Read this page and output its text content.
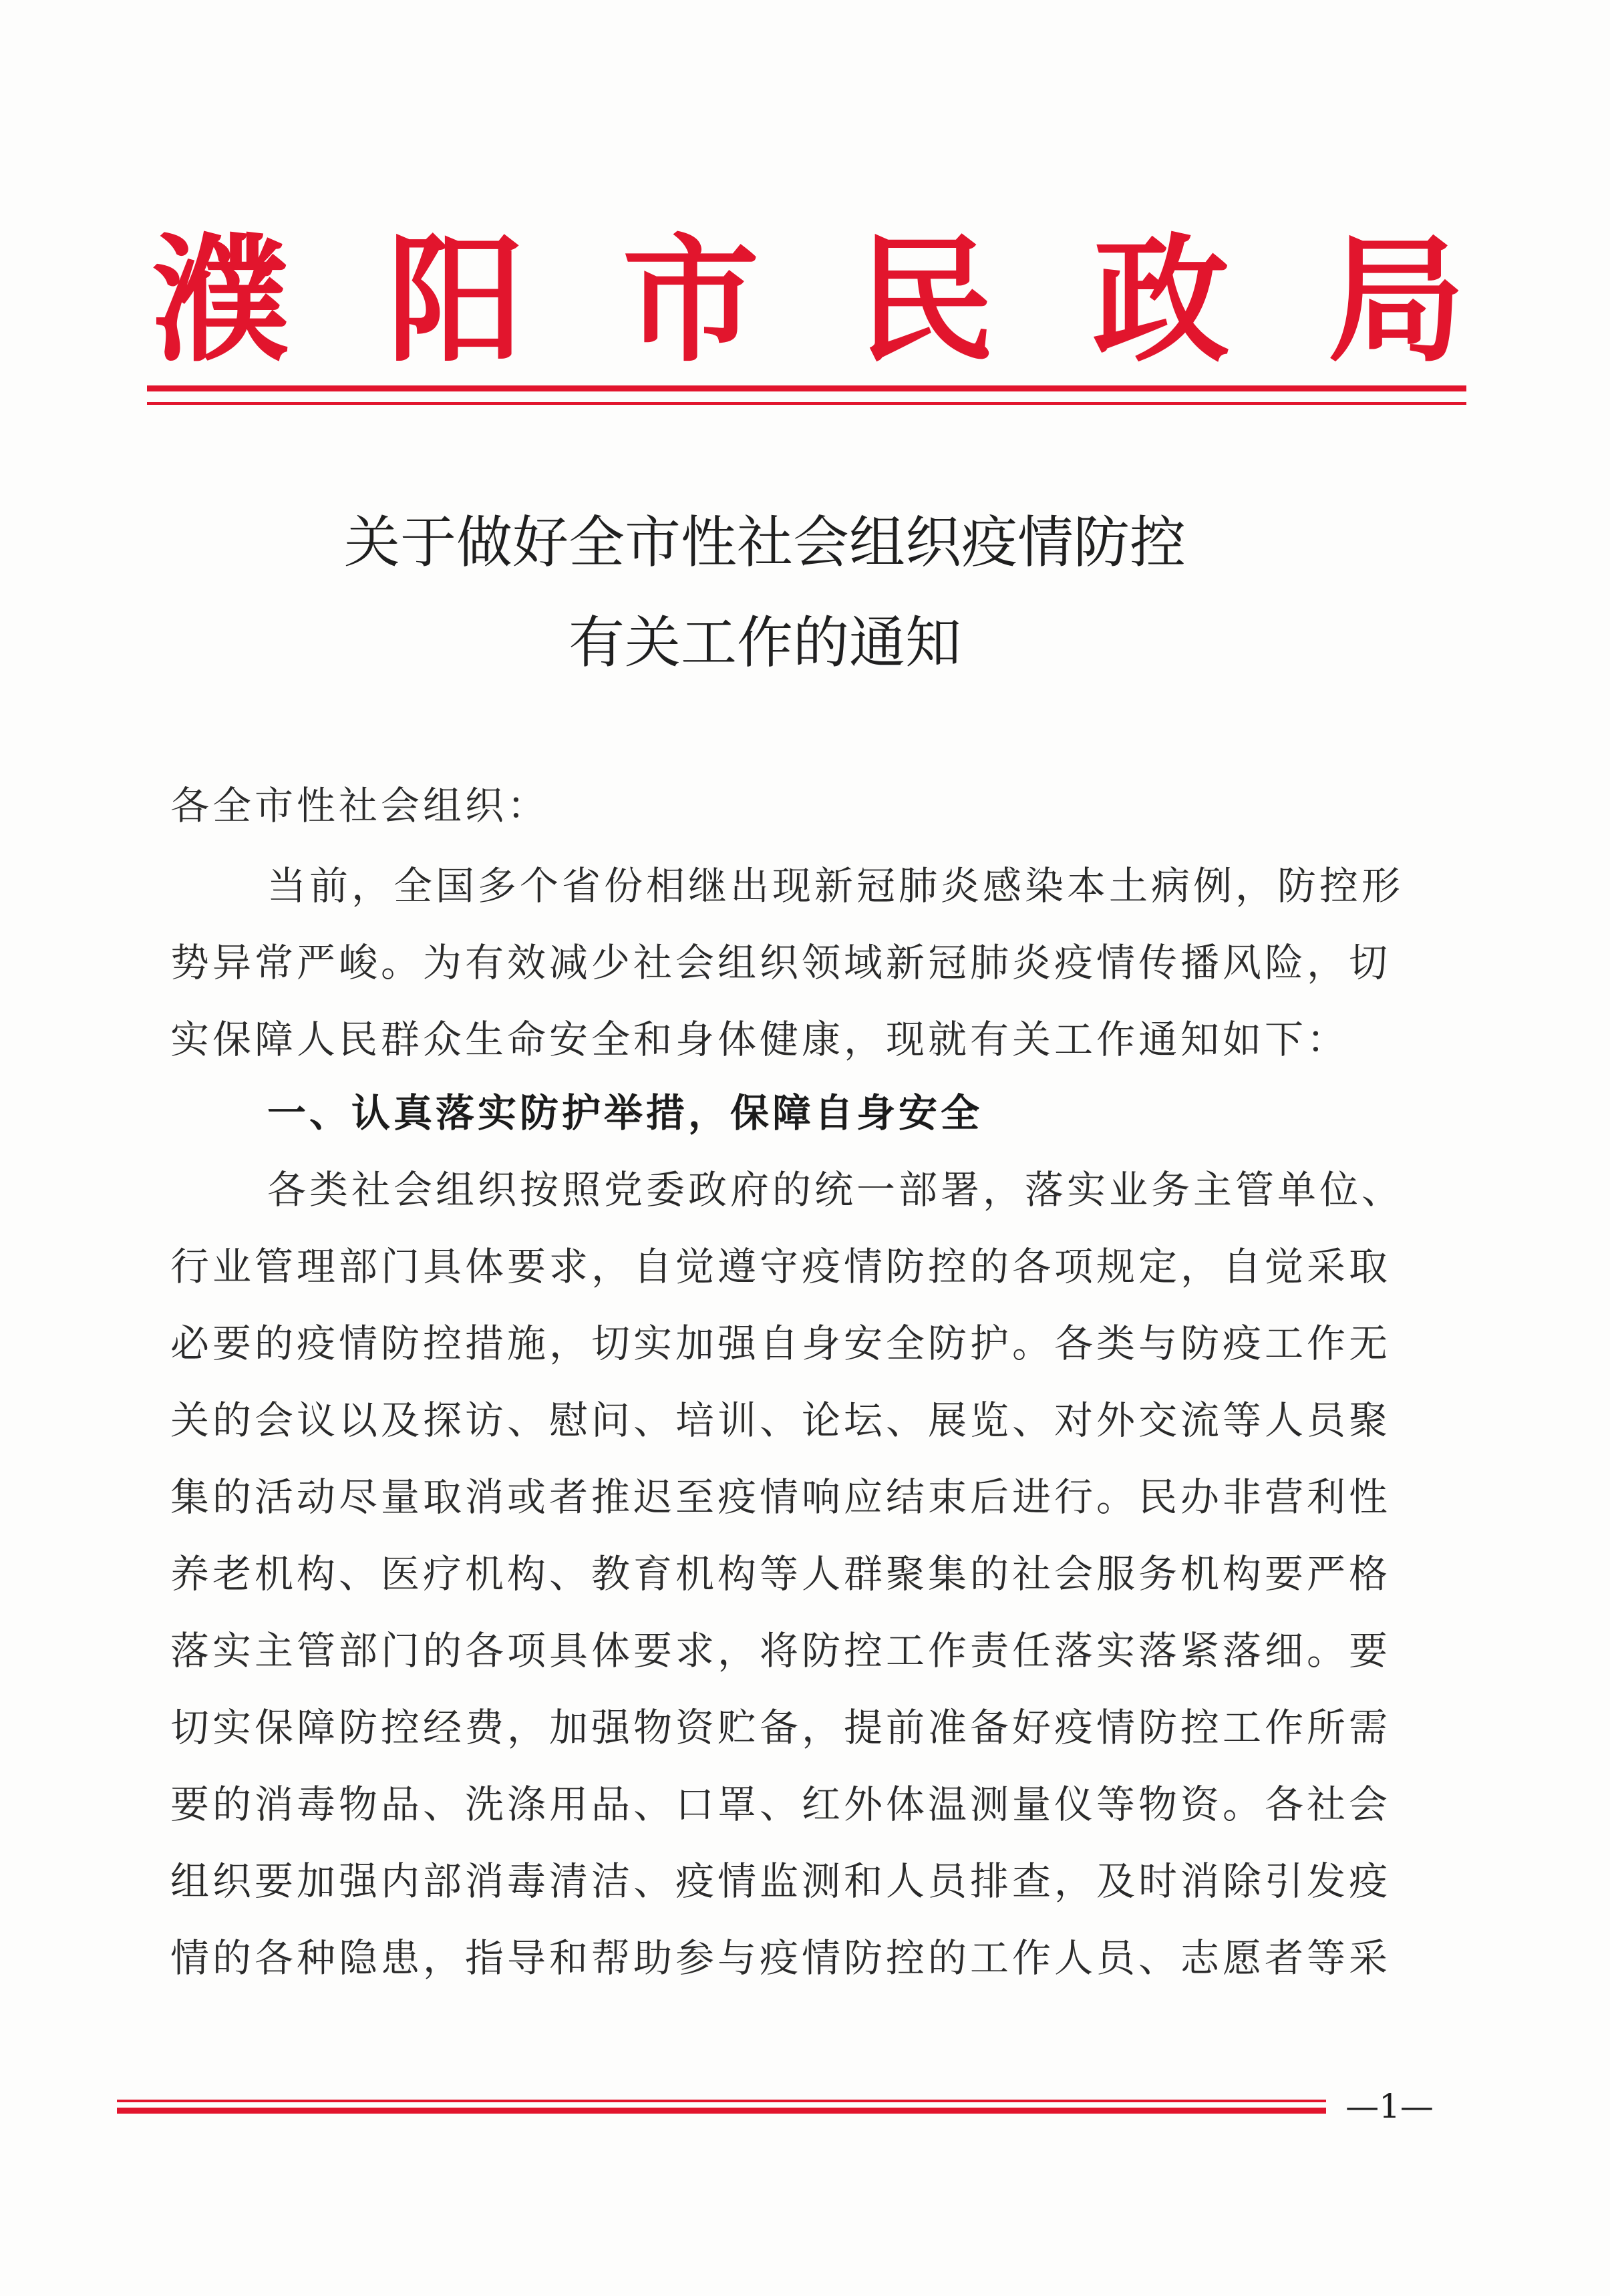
濮 阳 市 民 政 局
关于做好全市性社会组织疫情防控
有关工作的通知
各全市性社会组织：
当前，全国多个省份相继出现新冠肺炎感染本土病例，防控形
势异常严峻。为有效减少社会组织领域新冠肺炎疫情传播风险，切
实保障人民群众生命安全和身体健康，现就有关工作通知如下：
一、认真落实防护举措，保障自身安全
各类社会组织按照党委政府的统一部署，落实业务主管单位、
行业管理部门具体要求，自觉遵守疫情防控的各项规定，自觉采取
必要的疫情防控措施，切实加强自身安全防护。各类与防疫工作无
关的会议以及探访、慰问、培训、论坛、展览、对外交流等人员聚
集的活动尽量取消或者推迟至疫情响应结束后进行。民办非营利性
养老机构、医疗机构、教育机构等人群聚集的社会服务机构要严格
落实主管部门的各项具体要求，将防控工作责任落实落紧落细。要
切实保障防控经费，加强物资贮备，提前准备好疫情防控工作所需
要的消毒物品、洗涤用品、口罩、红外体温测量仪等物资。各社会
组织要加强内部消毒清洁、疫情监测和人员排查，及时消除引发疫
情的各种隐患，指导和帮助参与疫情防控的工作人员、志愿者等采
—1—
